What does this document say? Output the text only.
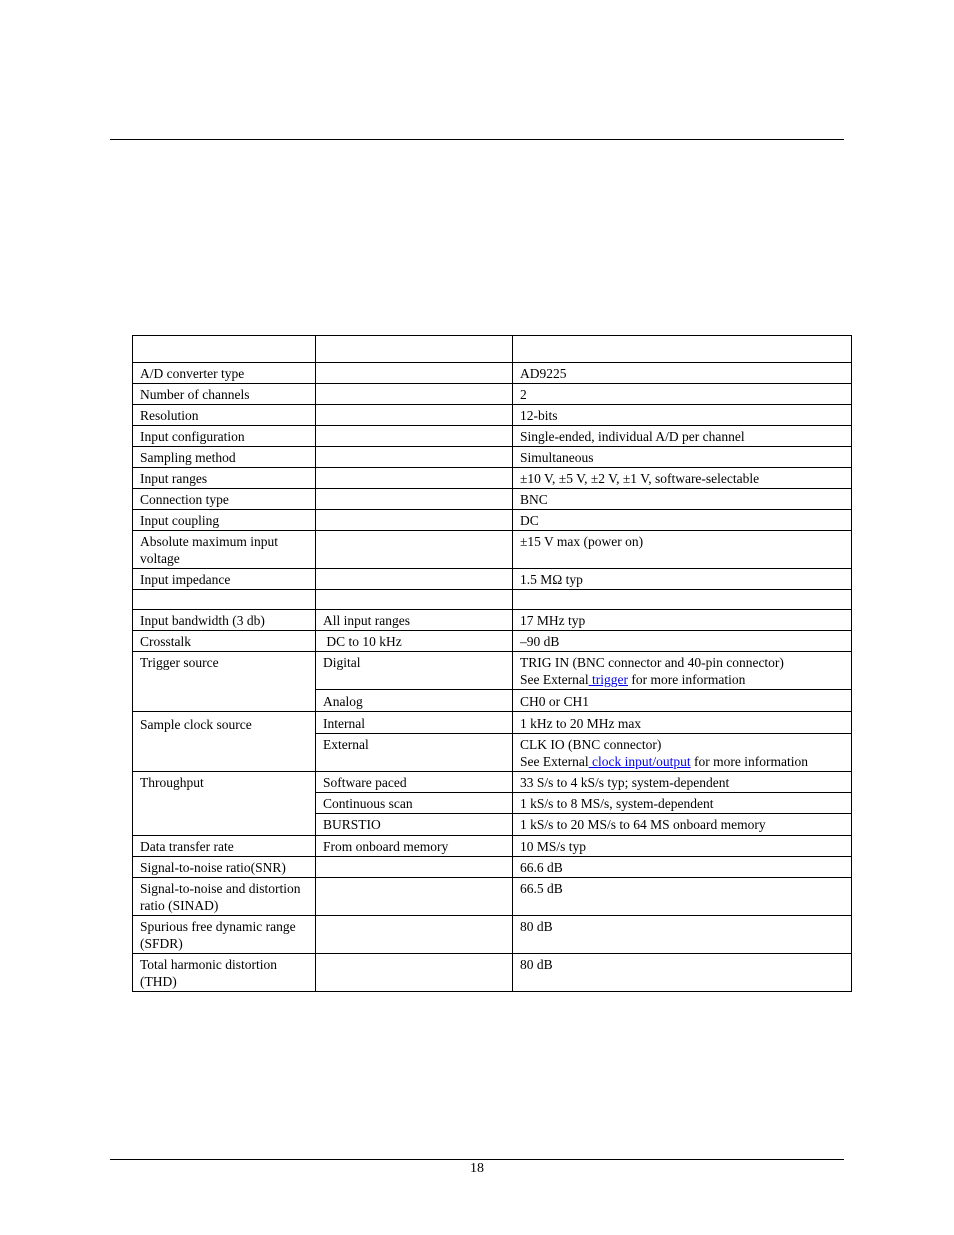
A/D converter type		AD9225
Number of channels		2
Resolution		12-bits
Input configuration		Single-ended, individual A/D per channel
Sampling method		Simultaneous
Input ranges		±10 V, ±5 V, ±2 V, ±1 V, software-selectable
Connection type		BNC
Input coupling		DC
Absolute maximum input
voltage		±15 V max (power on)
Input impedance		1.5 MΩ typ

Input bandwidth (3 db)	All input ranges	17 MHz typ
Crosstalk	DC to 10 kHz	–90 dB
Trigger source	Digital	TRIG IN (BNC connector and 40-pin connector)
See External trigger for more information
	Analog	CH0 or CH1
Sample clock source	Internal	1 kHz to 20 MHz max
	External	CLK IO (BNC connector)
See External clock input/output for more information
Throughput	Software paced	33 S/s to 4 kS/s typ; system-dependent
	Continuous scan	1 kS/s to 8 MS/s, system-dependent
	BURSTIO	1 kS/s to 20 MS/s to 64 MS onboard memory
Data transfer rate	From onboard memory	10 MS/s typ
Signal-to-noise ratio(SNR)		66.6 dB
Signal-to-noise and distortion
ratio (SINAD)		66.5 dB
Spurious free dynamic range
(SFDR)		80 dB
Total harmonic distortion
(THD)		80 dB
18
